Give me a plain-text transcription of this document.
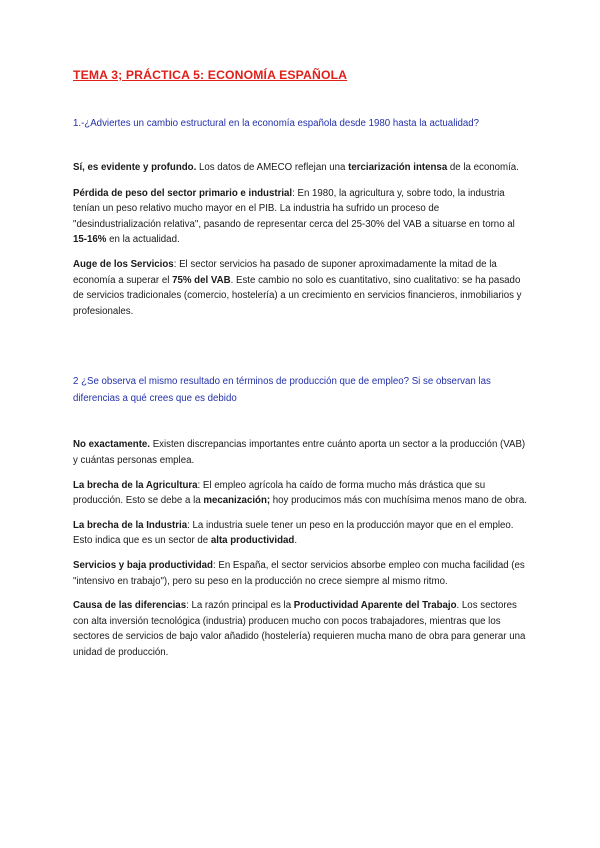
TEMA 3; PRÁCTICA 5: ECONOMÍA ESPAÑOLA

1.-¿Adviertes un cambio estructural en la economía española desde 1980 hasta la actualidad?

Sí, es evidente y profundo. Los datos de AMECO reflejan una terciarización intensa de la economía.

Pérdida de peso del sector primario e industrial: En 1980, la agricultura y, sobre todo, la industria tenían un peso relativo mucho mayor en el PIB. La industria ha sufrido un proceso de "desindustrialización relativa", pasando de representar cerca del 25-30% del VAB a situarse en torno al 15-16% en la actualidad.

Auge de los Servicios: El sector servicios ha pasado de suponer aproximadamente la mitad de la economía a superar el 75% del VAB. Este cambio no solo es cuantitativo, sino cualitativo: se ha pasado de servicios tradicionales (comercio, hostelería) a un crecimiento en servicios financieros, inmobiliarios y profesionales.

2 ¿Se observa el mismo resultado en términos de producción que de empleo? Si se observan las diferencias a qué crees que es debido

No exactamente. Existen discrepancias importantes entre cuánto aporta un sector a la producción (VAB) y cuántas personas emplea.

La brecha de la Agricultura: El empleo agrícola ha caído de forma mucho más drástica que su producción. Esto se debe a la mecanización; hoy producimos más con muchísima menos mano de obra.

La brecha de la Industria: La industria suele tener un peso en la producción mayor que en el empleo. Esto indica que es un sector de alta productividad.

Servicios y baja productividad: En España, el sector servicios absorbe empleo con mucha facilidad (es "intensivo en trabajo"), pero su peso en la producción no crece siempre al mismo ritmo.

Causa de las diferencias: La razón principal es la Productividad Aparente del Trabajo. Los sectores con alta inversión tecnológica (industria) producen mucho con pocos trabajadores, mientras que los sectores de servicios de bajo valor añadido (hostelería) requieren mucha mano de obra para generar una unidad de producción.
